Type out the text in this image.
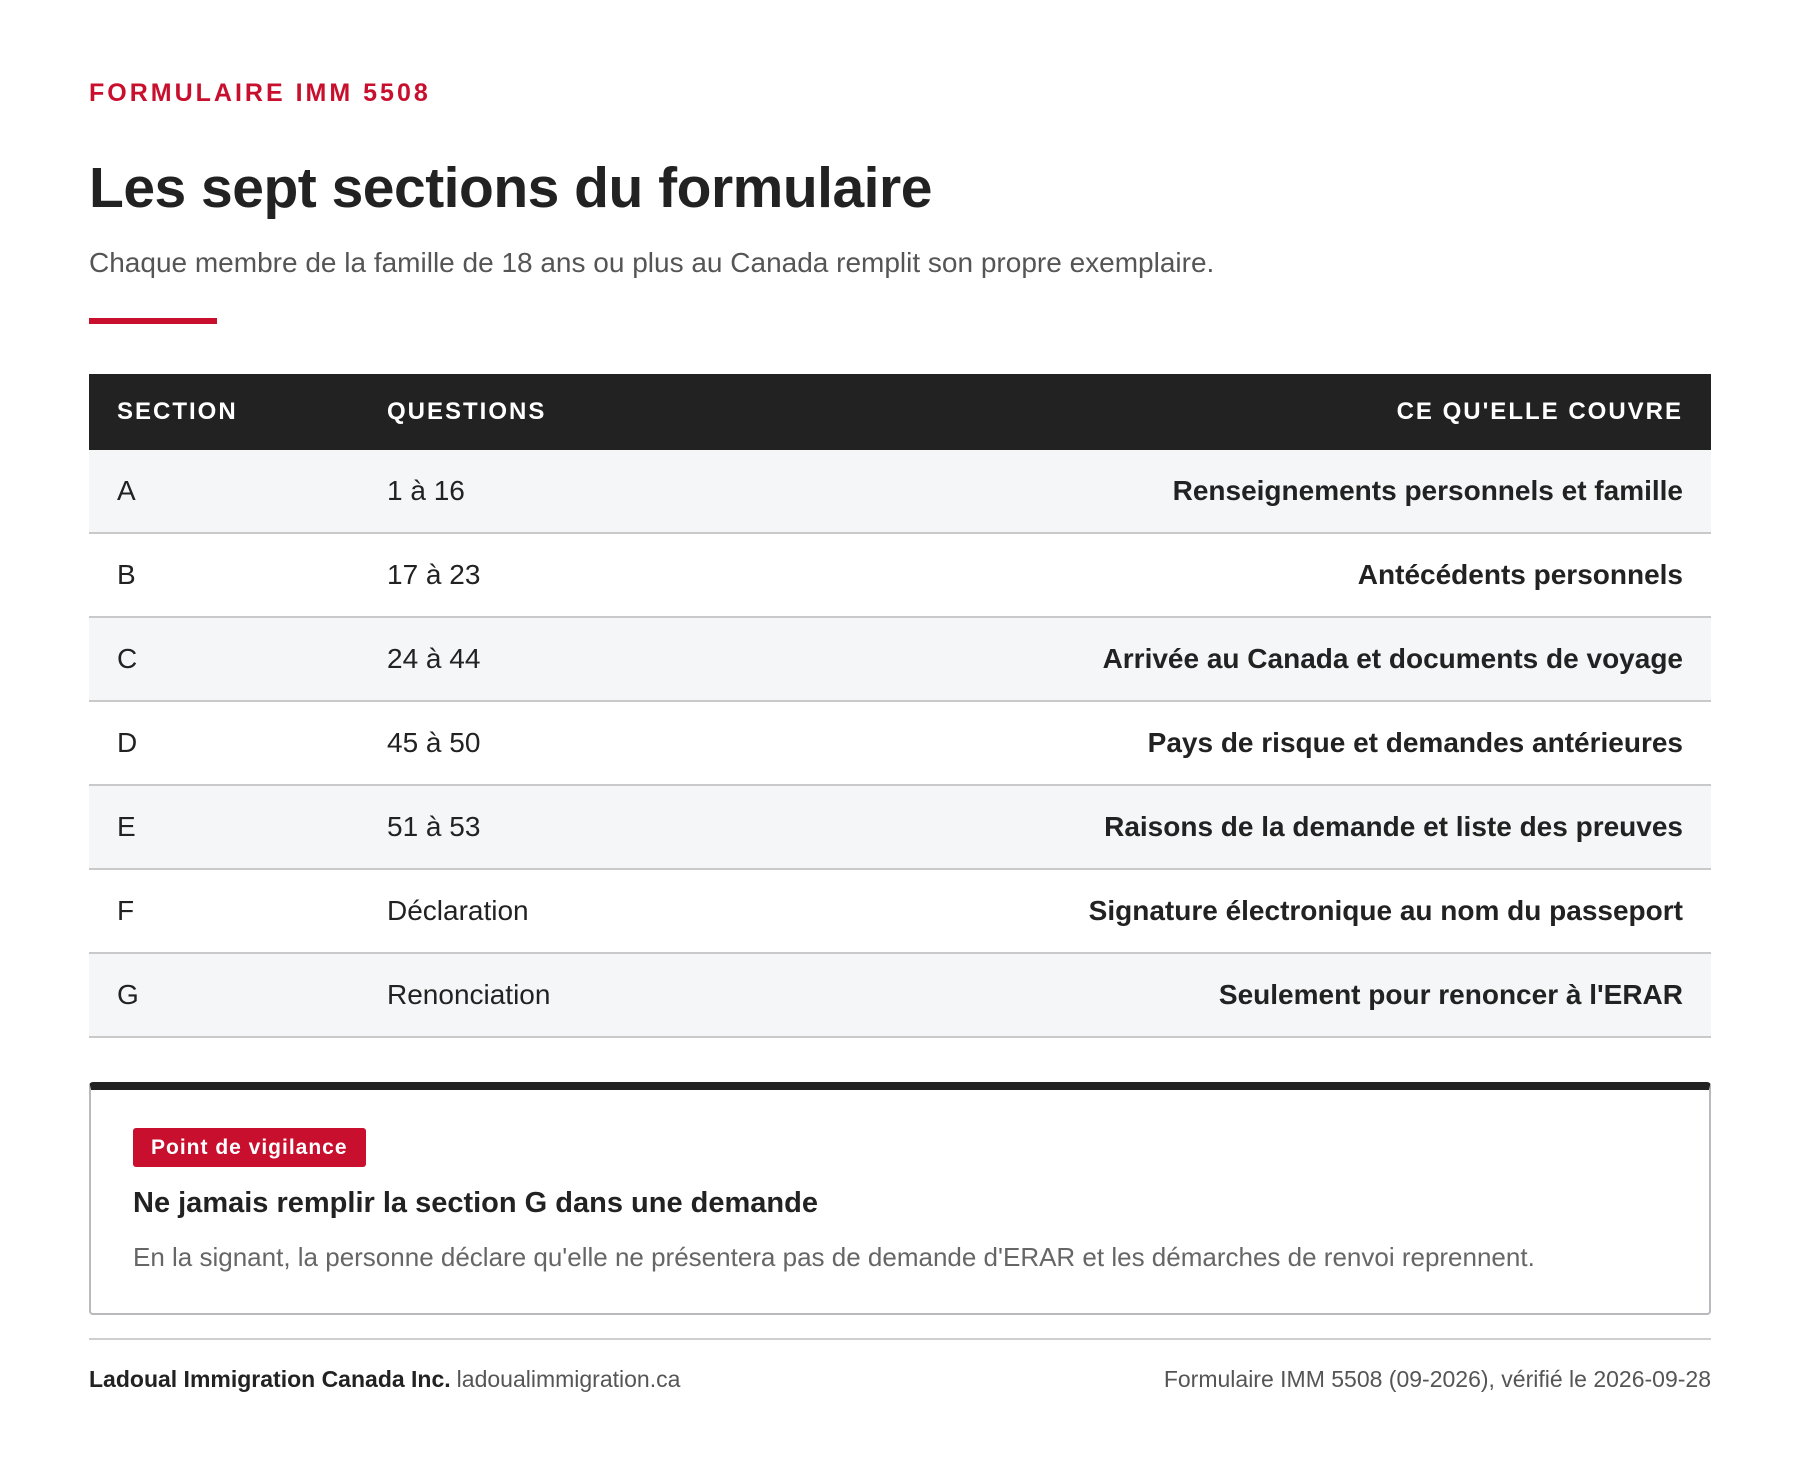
FORMULAIRE IMM 5508

Les sept sections du formulaire

Chaque membre de la famille de 18 ans ou plus au Canada remplit son propre exemplaire.

SECTION	QUESTIONS	CE QU'ELLE COUVRE
A	1 à 16	Renseignements personnels et famille
B	17 à 23	Antécédents personnels
C	24 à 44	Arrivée au Canada et documents de voyage
D	45 à 50	Pays de risque et demandes antérieures
E	51 à 53	Raisons de la demande et liste des preuves
F	Déclaration	Signature électronique au nom du passeport
G	Renonciation	Seulement pour renoncer à l'ERAR
Point de vigilance

Ne jamais remplir la section G dans une demande

En la signant, la personne déclare qu'elle ne présentera pas de demande d'ERAR et les démarches de renvoi reprennent.

Ladoual Immigration Canada Inc. ladoualimmigration.ca	Formulaire IMM 5508 (09-2026), vérifié le 2026-09-28
